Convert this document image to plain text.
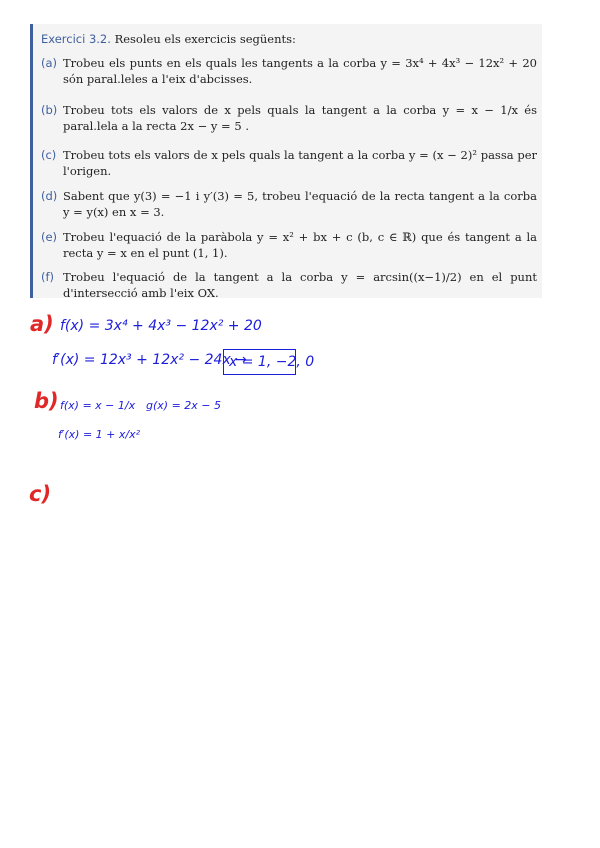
Exercici 3.2. Resoleu els exercicis següents:
(a) Trobeu els punts en els quals les tangents a la corba y = 3x⁴ + 4x³ − 12x² + 20 són paral.leles a l'eix d'abcisses.
(b) Trobeu tots els valors de x pels quals la tangent a la corba y = x − 1/x és paral.lela a la recta 2x − y = 5 .
(c) Trobeu tots els valors de x pels quals la tangent a la corba y = (x − 2)² passa per l'origen.
(d) Sabent que y(3) = −1 i y′(3) = 5, trobeu l'equació de la recta tangent a la corba y = y(x) en x = 3.
(e) Trobeu l'equació de la paràbola y = x² + bx + c (b, c ∈ ℝ) que és tangent a la recta y = x en el punt (1, 1).
(f) Trobeu l'equació de la tangent a la corba y = arcsin((x−1)/2) en el punt d'intersecció amb l'eix OX.
a) f(x) = 3x⁴ + 4x³ − 12x² + 20
f′(x) = 12x³ + 12x² − 24x →
x = 1, −2, 0
b) f(x) = x − 1/x g(x) = 2x − 5
f′(x) = 1 + x/x²
c)
